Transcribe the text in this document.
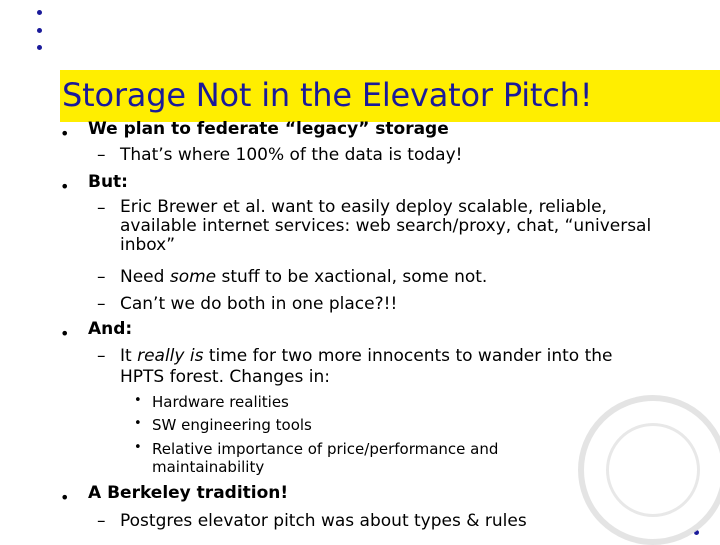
Storage Not in the Elevator Pitch!
• We plan to federate “legacy” storage
– That’s where 100% of the data is today!
• But:
– Eric Brewer et al. want to easily deploy scalable, reliable, available internet services: web search/proxy, chat, “universal inbox”
– Need some stuff to be xactional, some not.
– Can’t we do both in one place?!!
• And:
– It really is time for two more innocents to wander into the HPTS forest. Changes in:
• Hardware realities
• SW engineering tools
• Relative importance of price/performance and maintainability
• A Berkeley tradition!
– Postgres elevator pitch was about types & rules
